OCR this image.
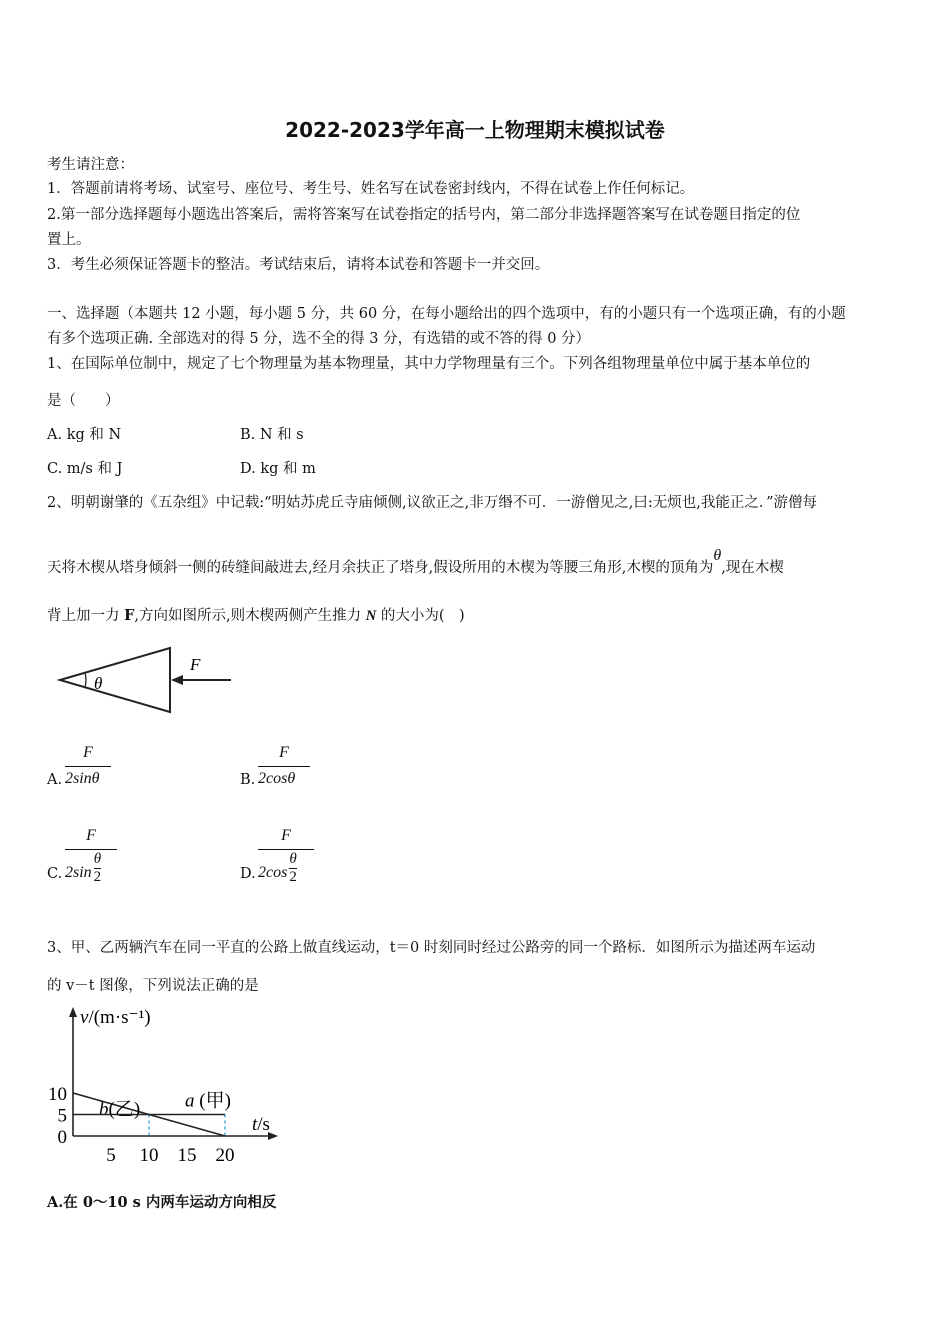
2022-2023学年高一上物理期末模拟试卷
考生请注意：
1．答题前请将考场、试室号、座位号、考生号、姓名写在试卷密封线内，不得在试卷上作任何标记。
2.第一部分选择题每小题选出答案后，需将答案写在试卷指定的括号内，第二部分非选择题答案写在试卷题目指定的位
置上。
3．考生必须保证答题卡的整洁。考试结束后，请将本试卷和答题卡一并交回。
一、选择题（本题共 12 小题，每小题 5 分，共 60 分，在每小题给出的四个选项中，有的小题只有一个选项正确，有的小题
有多个选项正确. 全部选对的得 5 分，选不全的得 3 分，有选错的或不答的得 0 分）
1、在国际单位制中，规定了七个物理量为基本物理量，其中力学物理量有三个。下列各组物理量单位中属于基本单位的
是（　　）
A. kg 和 N	B. N 和 s
C. m/s 和 J	D. kg 和 m
2、明朝谢肇的《五杂组》中记载:“明姑苏虎丘寺庙倾侧,议欲正之,非万缗不可．一游僧见之,曰:无烦也,我能正之．”游僧每
天将木楔从塔身倾斜一侧的砖缝间敲进去,经月余扶正了塔身,假设所用的木楔为等腰三角形,木楔的顶角为$^\theta$,现在木楔
背上加一力 F,方向如图所示,则木楔两侧产生推力 N 的大小为(　)
F
θ
A.
F
2sinθ	B.
F
2cosθ
C.
F
$2\sin \frac{\theta}{2}$	D.
F
$2\cos \frac{\theta}{2}$
3、甲、乙两辆汽车在同一平直的公路上做直线运动，t＝0 时刻同时经过公路旁的同一个路标．如图所示为描述两车运动
的 v－t 图像，下列说法正确的是
v/(m·s⁻¹)
t/s
5 10 15 20
0
5
10
b(乙) a (甲)
A.在 0～10 s 内两车运动方向相反
